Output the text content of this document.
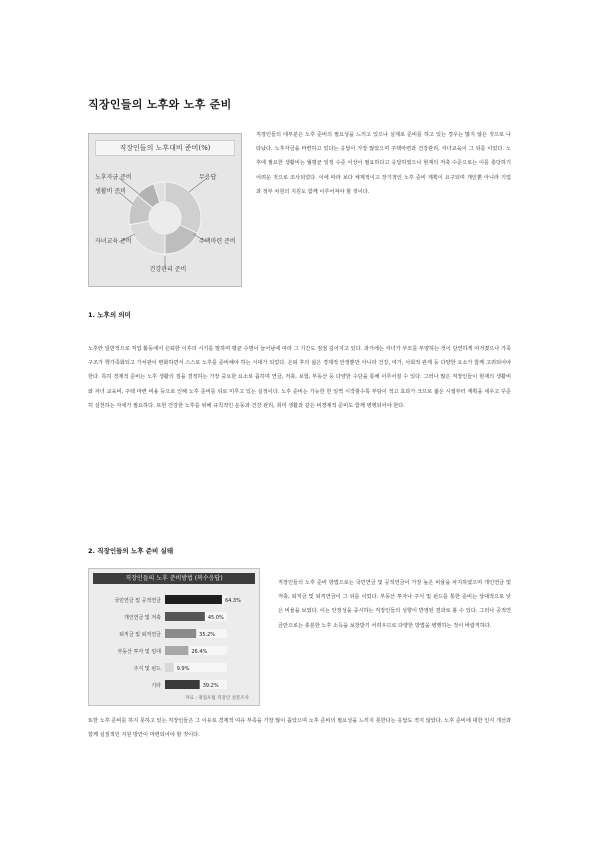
직장인들의 노후와 노후 준비
직장인들의 노후대비 준비(%)
노후자금 준비	무응답
생활비 준비
자녀교육 준비	주택마련 준비
건강관리 준비

직장인들의 대부분은 노후 준비의 필요성을 느끼고 있으나 실제로 준비를 하고 있는 경우는 많지 않은 것으로 나타났다. 노후자금을 마련하고 있다는 응답이 가장 많았으며 주택마련과 건강관리, 자녀교육이 그 뒤를 이었다. 노후에 필요한 생활비는 월평균 일정 수준 이상이 필요하다고 응답하였으나 현재의 저축 수준으로는 이를 충당하기 어려운 것으로 조사되었다. 이에 따라 보다 체계적이고 장기적인 노후 준비 계획이 요구되며 개인뿐 아니라 기업과 정부 차원의 지원도 함께 이루어져야 할 것이다.

1. 노후의 의미

노후란 일반적으로 직업 활동에서 은퇴한 이후의 시기를 말하며 평균 수명이 늘어남에 따라 그 기간도 점점 길어지고 있다. 과거에는 자녀가 부모를 부양하는 것이 당연하게 여겨졌으나 가족 구조가 핵가족화되고 가치관이 변화하면서 스스로 노후를 준비해야 하는 시대가 되었다. 은퇴 후의 삶은 경제적 안정뿐만 아니라 건강, 여가, 사회적 관계 등 다양한 요소가 함께 고려되어야 한다. 특히 경제적 준비는 노후 생활의 질을 결정하는 가장 중요한 요소로 꼽히며 연금, 저축, 보험, 부동산 등 다양한 수단을 통해 이루어질 수 있다. 그러나 많은 직장인들이 현재의 생활비와 자녀 교육비, 주택 마련 비용 등으로 인해 노후 준비를 뒤로 미루고 있는 실정이다. 노후 준비는 가능한 한 일찍 시작할수록 부담이 적고 효과가 크므로 젊은 시절부터 계획을 세우고 꾸준히 실천하는 자세가 필요하다. 또한 건강한 노후를 위해 규칙적인 운동과 건강 관리, 취미 생활과 같은 비경제적 준비도 함께 병행되어야 한다.

2. 직장인들의 노후 준비 실태
직장인들의 노후 준비방법 (복수응답)
국민연금 및 공적연금	64.3%
개인연금 및 저축	45.0%
퇴직금 및 퇴직연금	35.2%
부동산 투자 및 임대	26.4%
주식 및 펀드	9.9%
기타	39.2%
자료 : 취업포털 직장인 설문조사

직장인들의 노후 준비 방법으로는 국민연금 및 공적연금이 가장 높은 비율을 차지하였으며 개인연금 및 저축, 퇴직금 및 퇴직연금이 그 뒤를 이었다. 부동산 투자나 주식 및 펀드를 통한 준비는 상대적으로 낮은 비율을 보였다. 이는 안정성을 중시하는 직장인들의 성향이 반영된 결과로 볼 수 있다. 그러나 공적연금만으로는 충분한 노후 소득을 보장받기 어려우므로 다양한 방법을 병행하는 것이 바람직하다.

또한 노후 준비를 하지 못하고 있는 직장인들은 그 이유로 경제적 여유 부족을 가장 많이 꼽았으며 노후 준비의 필요성을 느끼지 못한다는 응답도 적지 않았다. 노후 준비에 대한 인식 개선과 함께 실질적인 지원 방안이 마련되어야 할 것이다.
